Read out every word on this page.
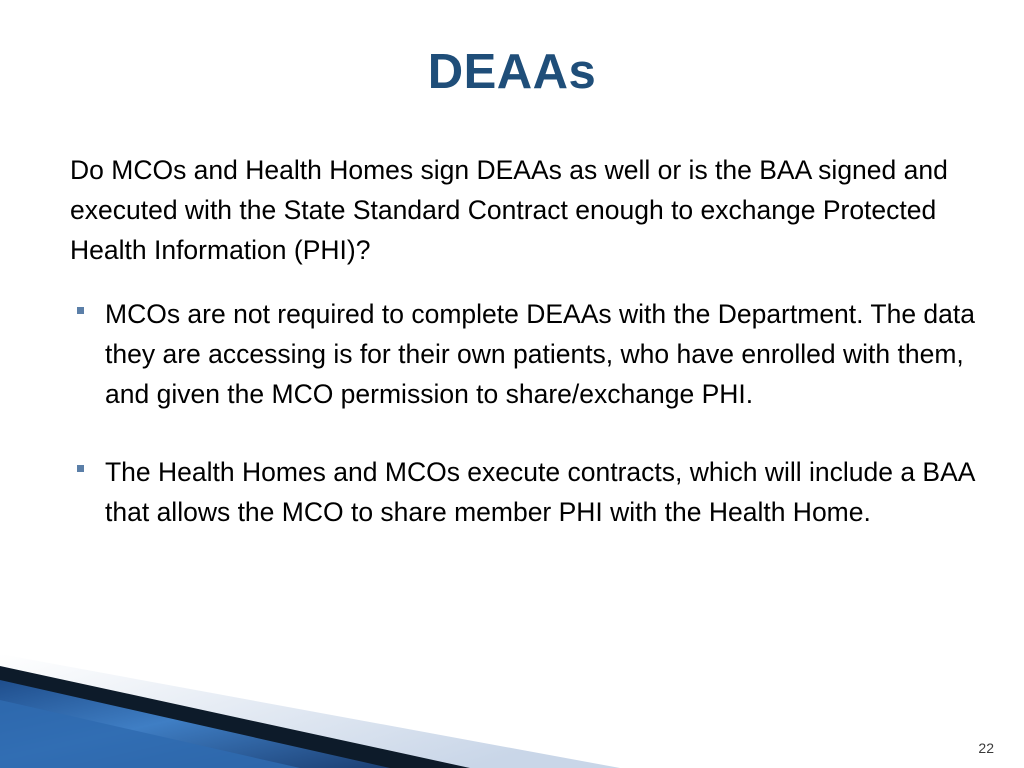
DEAAs

Do MCOs and Health Homes sign DEAAs as well or is the BAA signed and executed with the State Standard Contract enough to exchange Protected Health Information (PHI)?

MCOs are not required to complete DEAAs with the Department. The data they are accessing is for their own patients, who have enrolled with them, and given the MCO permission to share/exchange PHI.
The Health Homes and MCOs execute contracts, which will include a BAA that allows the MCO to share member PHI with the Health Home.
22
